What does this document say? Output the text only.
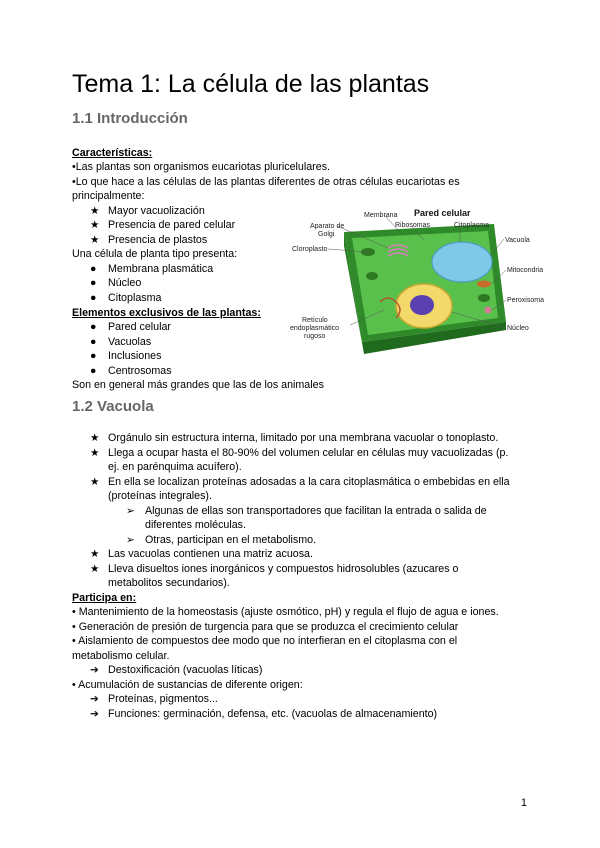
Tema 1: La célula de las plantas
1.1 Introducción
Características:
•Las plantas son organismos eucariotas pluricelulares.
•Lo que hace a las células de las plantas diferentes de otras células eucariotas es
principalmente:
★ Mayor vacuolización
★ Presencia de pared celular
★ Presencia de plastos
Una célula de planta tipo presenta:
● Membrana plasmática
● Núcleo
● Citoplasma
Elementos exclusivos de las plantas:
● Pared celular
● Vacuolas
● Inclusiones
● Centrosomas
Son en general más grandes que las de los animales
Pared celular
Aparato de
Golgi
Membrana
Ribosomas	Citoplasma
Cloroplasto
Vacuola
Mitocondria
Peroxisoma
Retículo
endoplasmático
rugoso
Núcleo
1.2 Vacuola
★ Orgánulo sin estructura interna, limitado por una membrana vacuolar o tonoplasto.
★ Llega a ocupar hasta el 80-90% del volumen celular en células muy vacuolizadas (p.
ej. en parénquima acuífero).
★ En ella se localizan proteínas adosadas a la cara citoplasmática o embebidas en ella
(proteínas integrales).
➢ Algunas de ellas son transportadores que facilitan la entrada o salida de
diferentes moléculas.
➢ Otras, participan en el metabolismo.
★ Las vacuolas contienen una matriz acuosa.
★ Lleva disueltos iones inorgánicos y compuestos hidrosolubles (azucares o
metabolitos secundarios).
Participa en:
• Mantenimiento de la homeostasis (ajuste osmótico, pH) y regula el flujo de agua e iones.
• Generación de presión de turgencia para que se produzca el crecimiento celular
• Aislamiento de compuestos dee modo que no interfieran en el citoplasma con el
metabolismo celular.
➔ Destoxificación (vacuolas líticas)
• Acumulación de sustancias de diferente origen:
➔ Proteínas, pigmentos...
➔ Funciones: germinación, defensa, etc. (vacuolas de almacenamiento)
1
